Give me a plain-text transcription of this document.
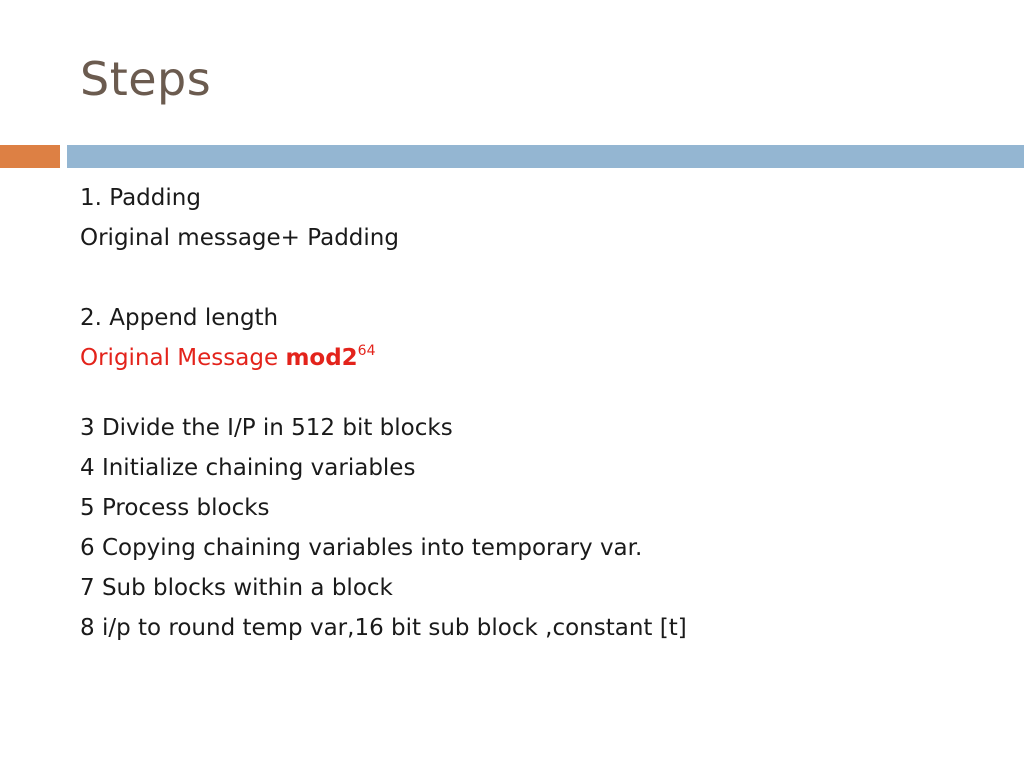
Steps
1. Padding
Original message+ Padding
2. Append length
Original Message $mod2^{64}$
3 Divide the I/P in 512 bit blocks
4 Initialize chaining variables
5 Process blocks
6 Copying chaining variables into temporary var.
7 Sub blocks within a block
8 i/p to round temp var,16 bit sub block ,constant [t]
